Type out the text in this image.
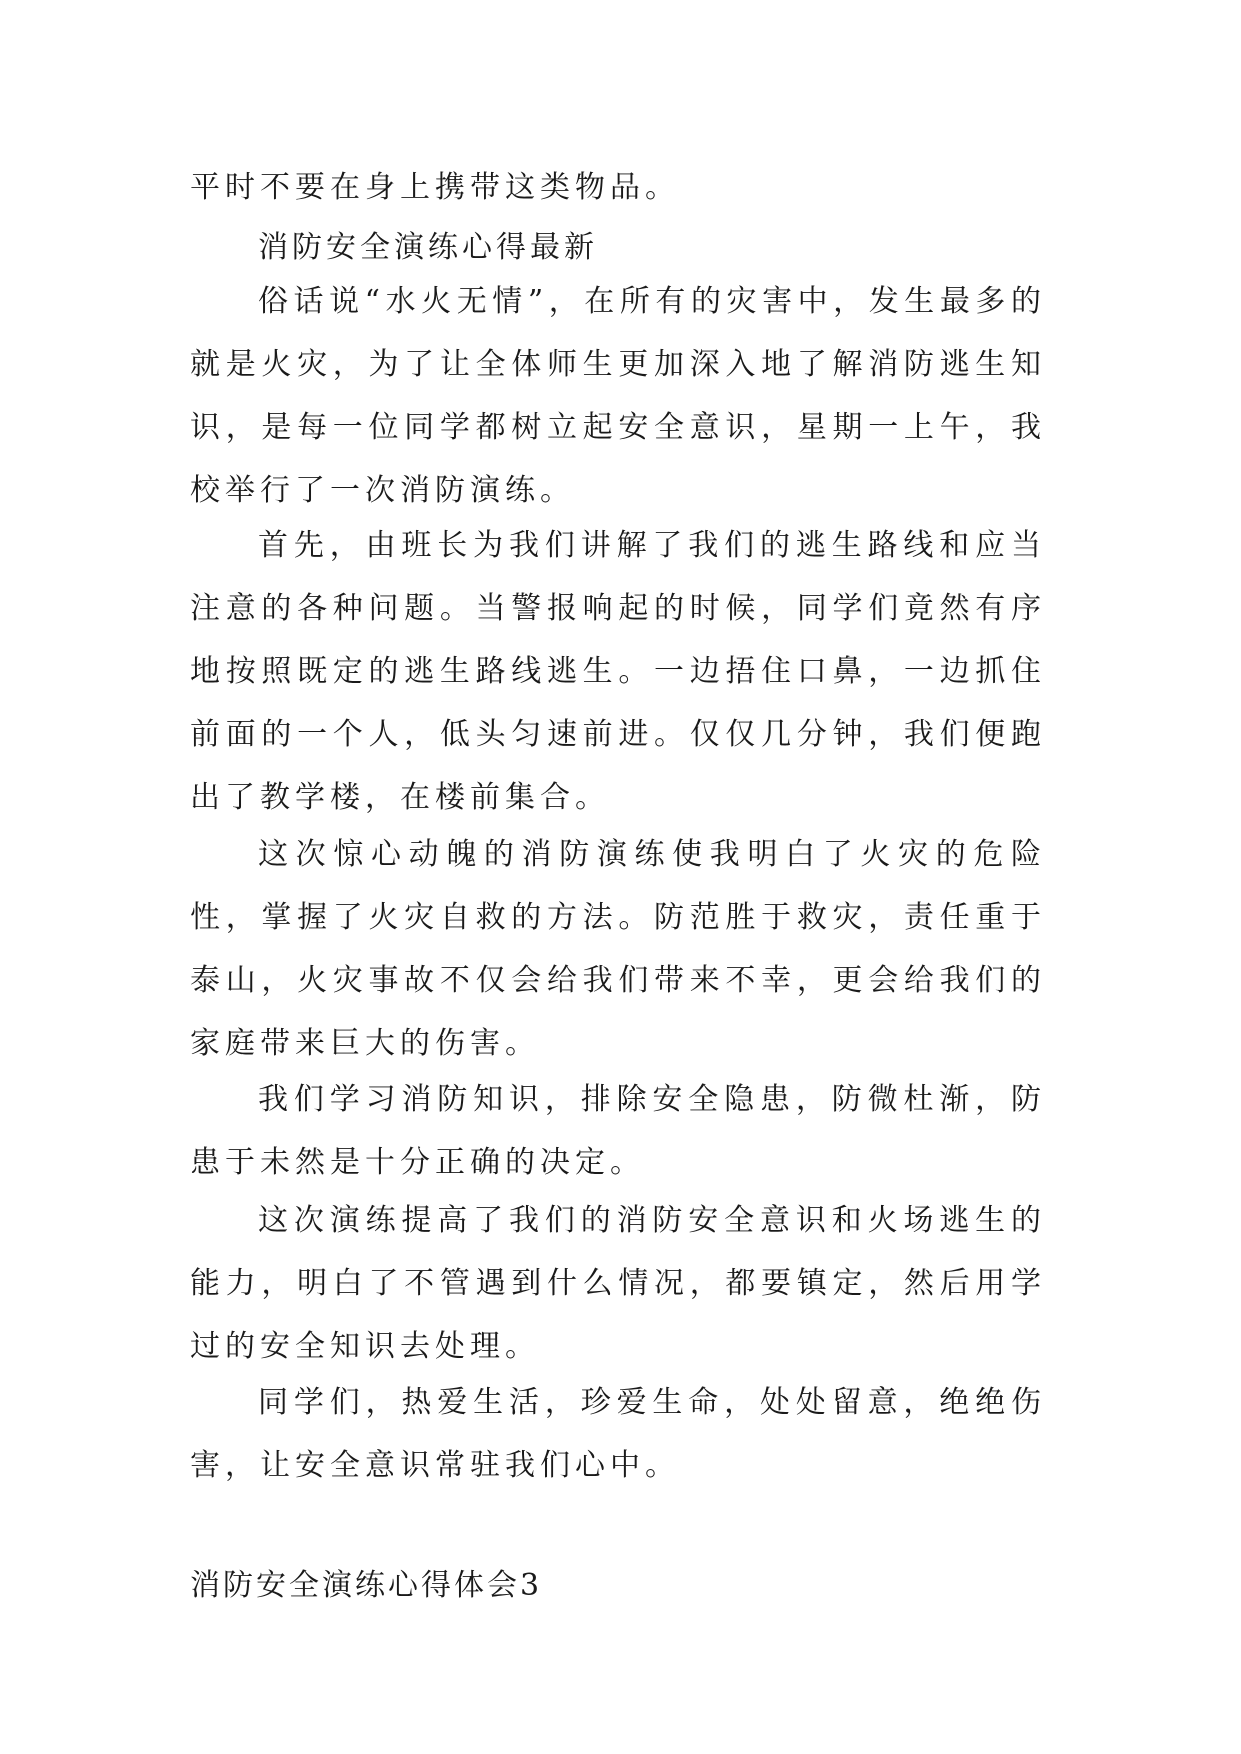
平时不要在身上携带这类物品。

消防安全演练心得最新

俗话说“水火无情”，在所有的灾害中，发生最多的就是火灾，为了让全体师生更加深入地了解消防逃生知识，是每一位同学都树立起安全意识，星期一上午，我校举行了一次消防演练。

首先，由班长为我们讲解了我们的逃生路线和应当注意的各种问题。当警报响起的时候，同学们竟然有序地按照既定的逃生路线逃生。一边捂住口鼻，一边抓住前面的一个人，低头匀速前进。仅仅几分钟，我们便跑出了教学楼，在楼前集合。

这次惊心动魄的消防演练使我明白了火灾的危险性，掌握了火灾自救的方法。防范胜于救灾，责任重于泰山，火灾事故不仅会给我们带来不幸，更会给我们的家庭带来巨大的伤害。

我们学习消防知识，排除安全隐患，防微杜渐，防患于未然是十分正确的决定。

这次演练提高了我们的消防安全意识和火场逃生的能力，明白了不管遇到什么情况，都要镇定，然后用学过的安全知识去处理。

同学们，热爱生活，珍爱生命，处处留意，绝绝伤害，让安全意识常驻我们心中。

消防安全演练心得体会3
